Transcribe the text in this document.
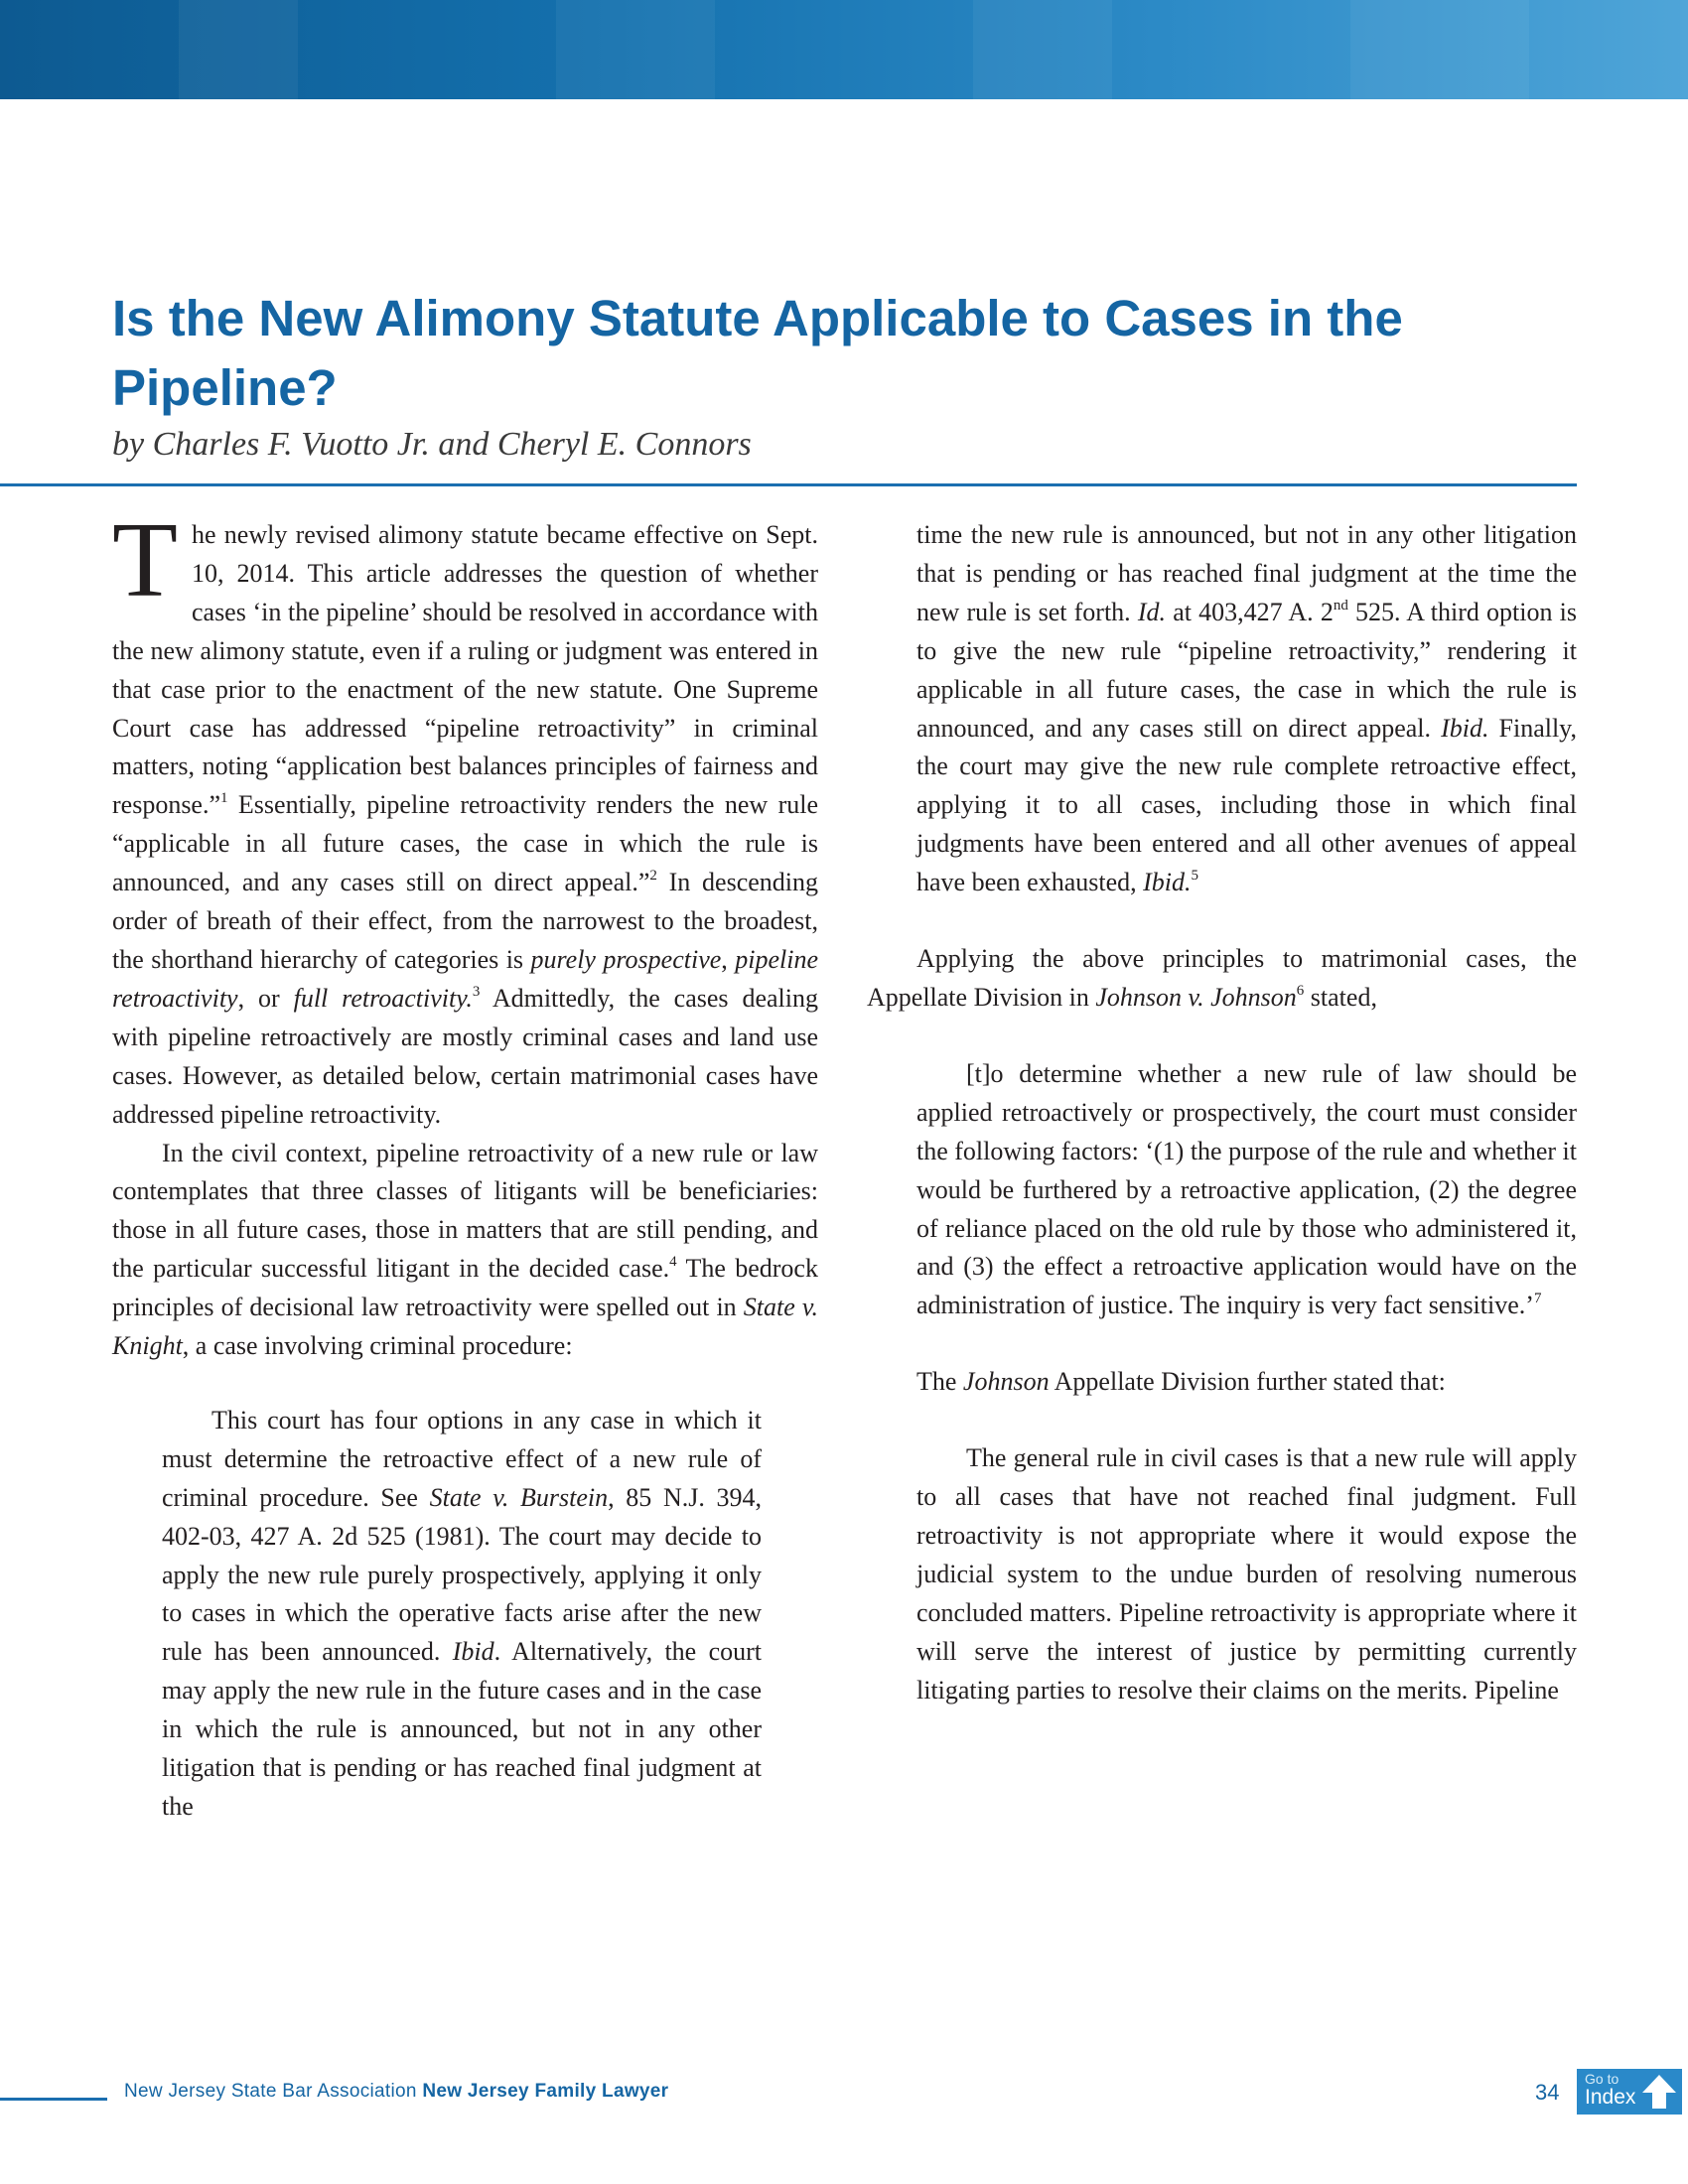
Is the New Alimony Statute Applicable to Cases in the Pipeline?
by Charles F. Vuotto Jr. and Cheryl E. Connors

The newly revised alimony statute became effective on Sept. 10, 2014. This article addresses the question of whether cases ‘in the pipeline’ should be resolved in accordance with the new alimony statute, even if a ruling or judgment was entered in that case prior to the enactment of the new statute. One Supreme Court case has addressed “pipeline retroactivity” in criminal matters, noting “application best balances principles of fairness and response.”$^1$ Essentially, pipeline retroactivity renders the new rule “applicable in all future cases, the case in which the rule is announced, and any cases still on direct appeal.”$^2$ In descending order of breath of their effect, from the narrowest to the broadest, the shorthand hierarchy of categories is purely prospective, pipeline retroactivity, or full retroactivity.$^3$ Admittedly, the cases dealing with pipeline retroactively are mostly criminal cases and land use cases. However, as detailed below, certain matrimonial cases have addressed pipeline retroactivity.

In the civil context, pipeline retroactivity of a new rule or law contemplates that three classes of litigants will be beneficiaries: those in all future cases, those in matters that are still pending, and the particular successful litigant in the decided case.$^4$ The bedrock principles of decisional law retroactivity were spelled out in State v. Knight, a case involving criminal procedure:

This court has four options in any case in which it must determine the retroactive effect of a new rule of criminal procedure. See State v. Burstein, 85 N.J. 394, 402-03, 427 A. 2d 525 (1981). The court may decide to apply the new rule purely prospectively, applying it only to cases in which the operative facts arise after the new rule has been announced. Ibid. Alternatively, the court may apply the new rule in the future cases and in the case in which the rule is announced, but not in any other litigation that is pending or has reached final judgment at the

time the new rule is announced, but not in any other litigation that is pending or has reached final judgment at the time the new rule is set forth. Id. at 403,427 A. 2nd 525. A third option is to give the new rule “pipeline retroactivity,” rendering it applicable in all future cases, the case in which the rule is announced, and any cases still on direct appeal. Ibid. Finally, the court may give the new rule complete retroactive effect, applying it to all cases, including those in which final judgments have been entered and all other avenues of appeal have been exhausted, Ibid.$^5$

Applying the above principles to matrimonial cases, the Appellate Division in Johnson v. Johnson$^6$ stated,

[t]o determine whether a new rule of law should be applied retroactively or prospectively, the court must consider the following factors: ‘(1) the purpose of the rule and whether it would be furthered by a retroactive application, (2) the degree of reliance placed on the old rule by those who administered it, and (3) the effect a retroactive application would have on the administration of justice. The inquiry is very fact sensitive.’$^7$

The Johnson Appellate Division further stated that:

The general rule in civil cases is that a new rule will apply to all cases that have not reached final judgment. Full retroactivity is not appropriate where it would expose the judicial system to the undue burden of resolving numerous concluded matters. Pipeline retroactivity is appropriate where it will serve the interest of justice by permitting currently litigating parties to resolve their claims on the merits. Pipeline

New Jersey State Bar Association New Jersey Family Lawyer	34
Go to
Index
